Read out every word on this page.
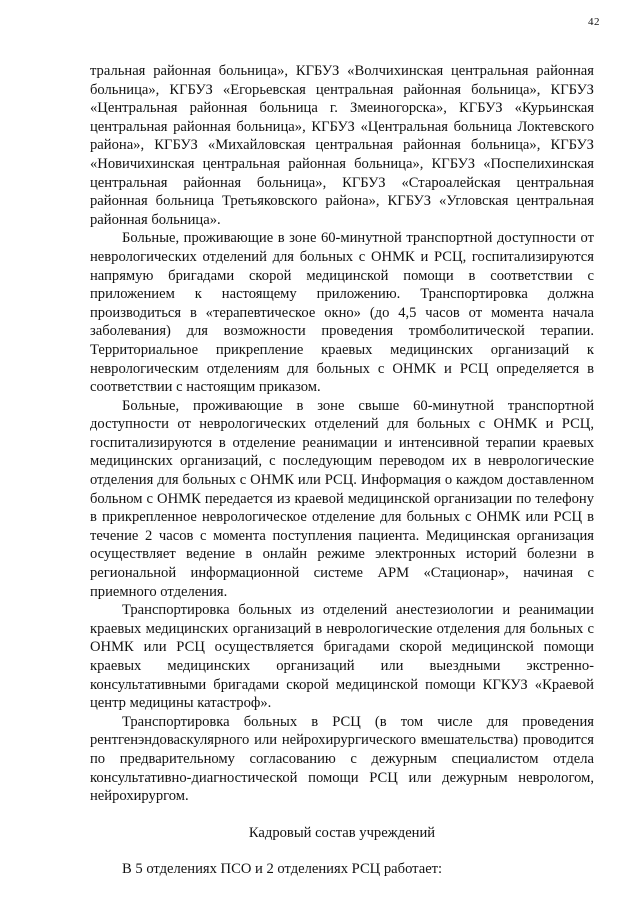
42

тральная районная больница», КГБУЗ «Волчихинская центральная районная больница», КГБУЗ «Егорьевская центральная районная больница», КГБУЗ «Центральная районная больница г. Змеиногорска», КГБУЗ «Курьинская центральная районная больница», КГБУЗ «Центральная больница Локтевского района», КГБУЗ «Михайловская центральная районная больница», КГБУЗ «Новичихинская центральная районная больница», КГБУЗ «Поспелихинская центральная районная больница», КГБУЗ «Староалейская центральная районная больница Третьяковского района», КГБУЗ «Угловская центральная районная больница».

Больные, проживающие в зоне 60-минутной транспортной доступности от неврологических отделений для больных с ОНМК и РСЦ, госпитализируются напрямую бригадами скорой медицинской помощи в соответствии с приложением к настоящему приложению. Транспортировка должна производиться в «терапевтическое окно» (до 4,5 часов от момента начала заболевания) для возможности проведения тромболитической терапии. Территориальное прикрепление краевых медицинских организаций к неврологическим отделениям для больных с ОНМК и РСЦ определяется в соответствии с настоящим приказом.

Больные, проживающие в зоне свыше 60-минутной транспортной доступности от неврологических отделений для больных с ОНМК и РСЦ, госпитализируются в отделение реанимации и интенсивной терапии краевых медицинских организаций, с последующим переводом их в неврологические отделения для больных с ОНМК или РСЦ. Информация о каждом доставленном больном с ОНМК передается из краевой медицинской организации по телефону в прикрепленное неврологическое отделение для больных с ОНМК или РСЦ в течение 2 часов с момента поступления пациента. Медицинская организация осуществляет ведение в онлайн режиме электронных историй болезни в региональной информационной системе АРМ «Стационар», начиная с приемного отделения.

Транспортировка больных из отделений анестезиологии и реанимации краевых медицинских организаций в неврологические отделения для больных с ОНМК или РСЦ осуществляется бригадами скорой медицинской помощи краевых медицинских организаций или выездными экстренно-консультативными бригадами скорой медицинской помощи КГКУЗ «Краевой центр медицины катастроф».

Транспортировка больных в РСЦ (в том числе для проведения рентгенэндоваскулярного или нейрохирургического вмешательства) проводится по предварительному согласованию с дежурным специалистом отдела консультативно-диагностической помощи РСЦ или дежурным неврологом, нейрохирургом.

Кадровый состав учреждений

В 5 отделениях ПСО и 2 отделениях РСЦ работает:
